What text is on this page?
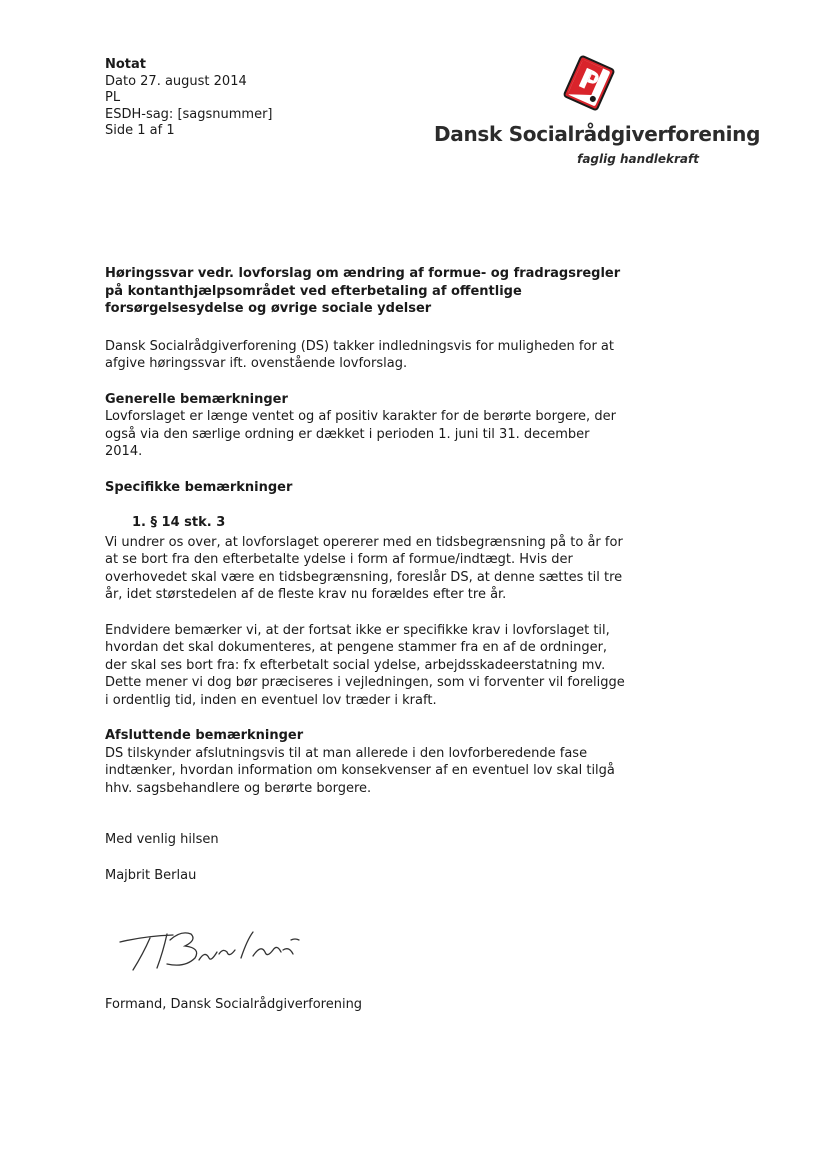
Notat
Dato 27. august 2014
PL
ESDH-sag: [sagsnummer]
Side 1 af 1	Dansk Socialrådgiverforening
faglig handlekraft

Høringssvar vedr. lovforslag om ændring af formue- og fradragsregler på kontanthjælpsområdet ved efterbetaling af offentlige forsørgelsesydelse og øvrige sociale ydelser

Dansk Socialrådgiverforening (DS) takker indledningsvis for muligheden for at afgive høringssvar ift. ovenstående lovforslag.

Generelle bemærkninger

Lovforslaget er længe ventet og af positiv karakter for de berørte borgere, der også via den særlige ordning er dækket i perioden 1. juni til 31. december 2014.

Specifikke bemærkninger

1. § 14 stk. 3

Vi undrer os over, at lovforslaget opererer med en tidsbegrænsning på to år for at se bort fra den efterbetalte ydelse i form af formue/indtægt. Hvis der overhovedet skal være en tidsbegrænsning, foreslår DS, at denne sættes til tre år, idet størstedelen af de fleste krav nu forældes efter tre år.

Endvidere bemærker vi, at der fortsat ikke er specifikke krav i lovforslaget til, hvordan det skal dokumenteres, at pengene stammer fra en af de ordninger, der skal ses bort fra: fx efterbetalt social ydelse, arbejdsskadeerstatning mv. Dette mener vi dog bør præciseres i vejledningen, som vi forventer vil foreligge i ordentlig tid, inden en eventuel lov træder i kraft.

Afsluttende bemærkninger

DS tilskynder afslutningsvis til at man allerede i den lovforberedende fase indtænker, hvordan information om konsekvenser af en eventuel lov skal tilgå hhv. sagsbehandlere og berørte borgere.

Med venlig hilsen

Majbrit Berlau

Formand, Dansk Socialrådgiverforening
